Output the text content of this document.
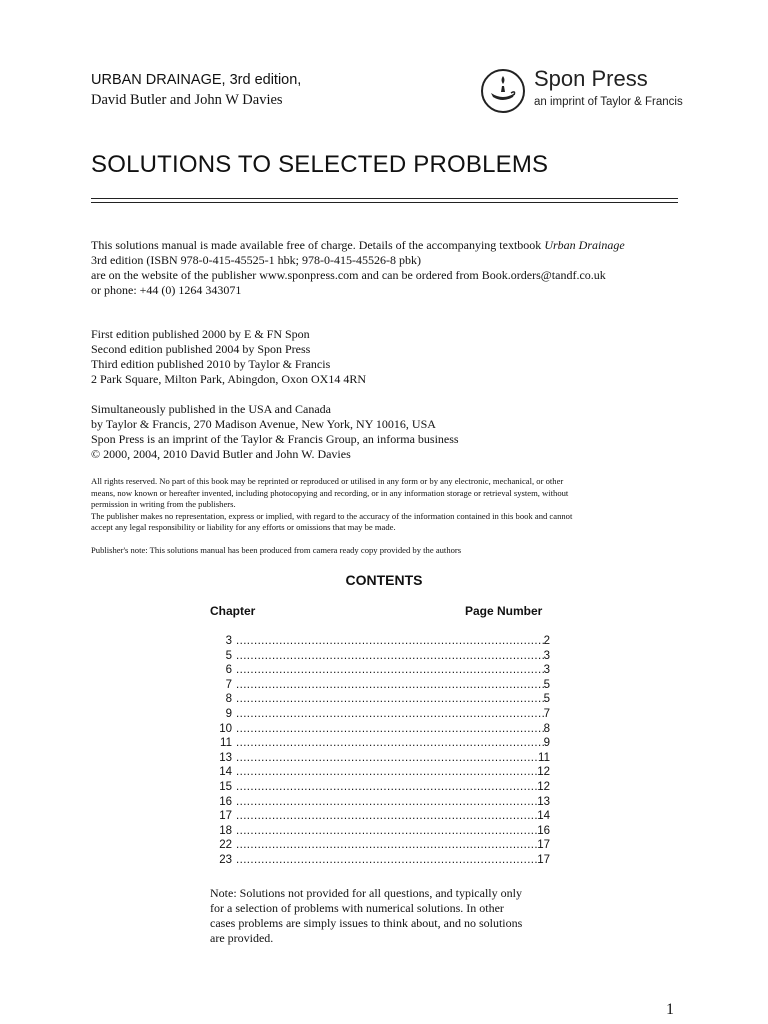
URBAN DRAINAGE, 3rd edition,
David Butler and John W Davies
Spon Press
an imprint of Taylor & Francis
SOLUTIONS TO SELECTED PROBLEMS
This solutions manual is made available free of charge. Details of the accompanying textbook Urban Drainage
3rd edition (ISBN 978-0-415-45525-1 hbk; 978-0-415-45526-8 pbk)
are on the website of the publisher www.sponpress.com and can be ordered from Book.orders@tandf.co.uk
or phone: +44 (0) 1264 343071
First edition published 2000 by E & FN Spon
Second edition published 2004 by Spon Press
Third edition published 2010 by Taylor & Francis
2 Park Square, Milton Park, Abingdon, Oxon OX14 4RN
Simultaneously published in the USA and Canada
by Taylor & Francis, 270 Madison Avenue, New York, NY 10016, USA
Spon Press is an imprint of the Taylor & Francis Group, an informa business
© 2000, 2004, 2010 David Butler and John W. Davies
All rights reserved. No part of this book may be reprinted or reproduced or utilised in any form or by any electronic, mechanical, or other
means, now known or hereafter invented, including photocopying and recording, or in any information storage or retrieval system, without
permission in writing from the publishers.
The publisher makes no representation, express or implied, with regard to the accuracy of the information contained in this book and cannot
accept any legal responsibility or liability for any efforts or omissions that may be made.
Publisher's note: This solutions manual has been produced from camera ready copy provided by the authors
CONTENTS
Chapter	Page Number
3 .....	2
5 .....	3
6 .....	3
7 .....	5
8 .....	5
9 .....	7
10 .....	8
11 .....	9
13 .....	11
14 .....	12
15 .....	12
16 .....	13
17 .....	14
18 .....	16
22 .....	17
23 .....	17
Note: Solutions not provided for all questions, and typically only
for a selection of problems with numerical solutions. In other
cases problems are simply issues to think about, and no solutions
are provided.
1
